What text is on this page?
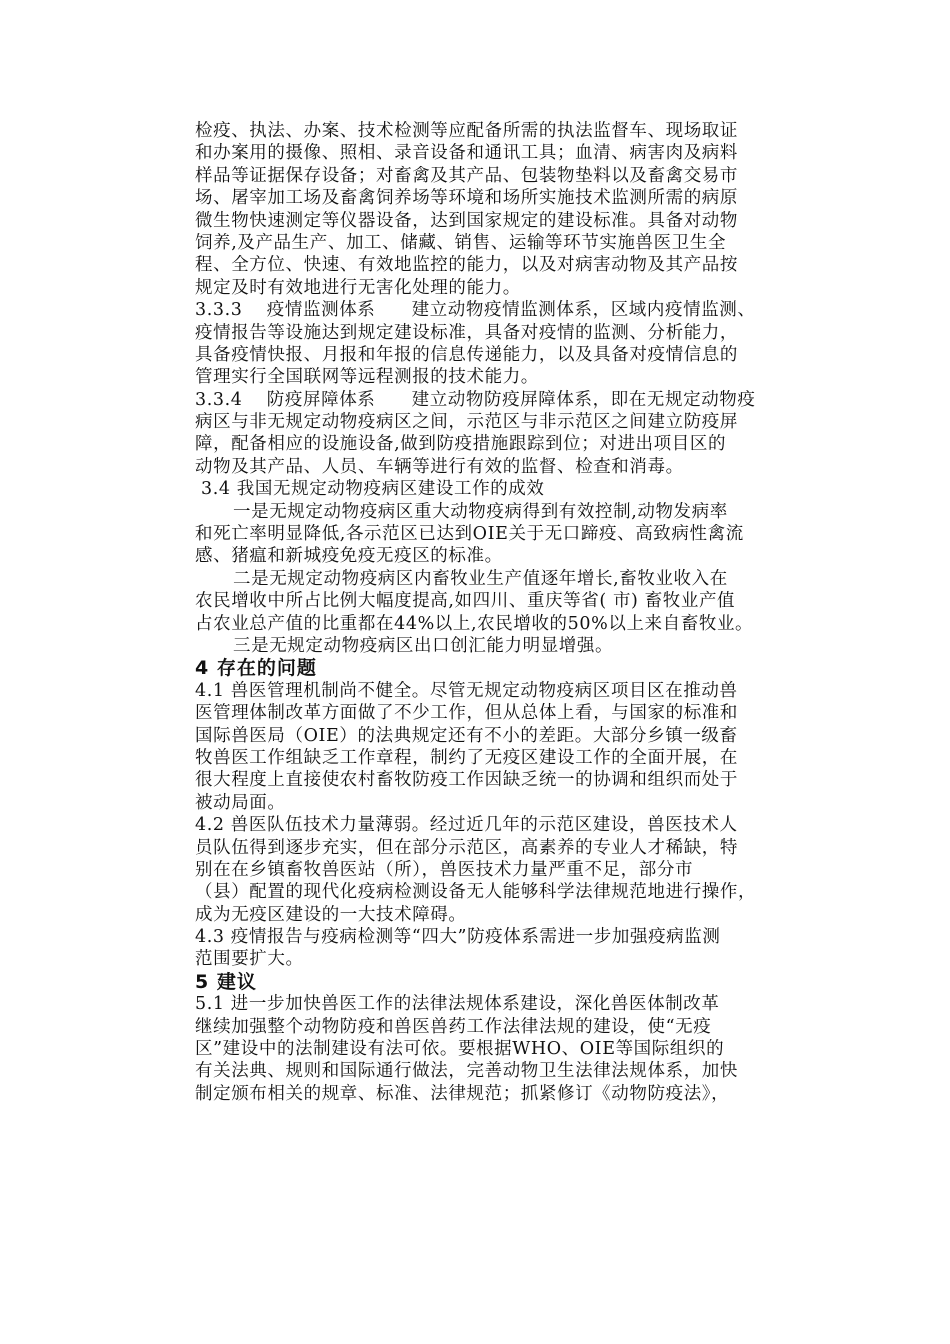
检疫、执法、办案、技术检测等应配备所需的执法监督车、现场取证
和办案用的摄像、照相、录音设备和通讯工具；血清、病害肉及病料
样品等证据保存设备；对畜禽及其产品、包装物垫料以及畜禽交易市
场、屠宰加工场及畜禽饲养场等环境和场所实施技术监测所需的病原
微生物快速测定等仪器设备，达到国家规定的建设标准。具备对动物
饲养,及产品生产、加工、储藏、销售、运输等环节实施兽医卫生全
程、全方位、快速、有效地监控的能力，以及对病害动物及其产品按
规定及时有效地进行无害化处理的能力。
3.3.3　 疫情监测体系　　建立动物疫情监测体系，区域内疫情监测、
疫情报告等设施达到规定建设标准，具备对疫情的监测、分析能力，
具备疫情快报、月报和年报的信息传递能力，以及具备对疫情信息的
管理实行全国联网等远程测报的技术能力。
3.3.4　 防疫屏障体系　　建立动物防疫屏障体系，即在无规定动物疫
病区与非无规定动物疫病区之间，示范区与非示范区之间建立防疫屏
障，配备相应的设施设备,做到防疫措施跟踪到位；对进出项目区的
动物及其产品、人员、车辆等进行有效的监督、检查和消毒。
3.4 我国无规定动物疫病区建设工作的成效
一是无规定动物疫病区重大动物疫病得到有效控制,动物发病率
和死亡率明显降低,各示范区已达到OIE关于无口蹄疫、高致病性禽流
感、猪瘟和新城疫免疫无疫区的标准。
二是无规定动物疫病区内畜牧业生产值逐年增长,畜牧业收入在
农民增收中所占比例大幅度提高,如四川、重庆等省( 市) 畜牧业产值
占农业总产值的比重都在44%以上,农民增收的50%以上来自畜牧业。
三是无规定动物疫病区出口创汇能力明显增强。
4 存在的问题
4.1 兽医管理机制尚不健全。尽管无规定动物疫病区项目区在推动兽
医管理体制改革方面做了不少工作，但从总体上看，与国家的标准和
国际兽医局（OIE）的法典规定还有不小的差距。大部分乡镇一级畜
牧兽医工作组缺乏工作章程，制约了无疫区建设工作的全面开展，在
很大程度上直接使农村畜牧防疫工作因缺乏统一的协调和组织而处于
被动局面。
4.2 兽医队伍技术力量薄弱。经过近几年的示范区建设，兽医技术人
员队伍得到逐步充实，但在部分示范区，高素养的专业人才稀缺，特
别在在乡镇畜牧兽医站（所），兽医技术力量严重不足，部分市
（县）配置的现代化疫病检测设备无人能够科学法律规范地进行操作，
成为无疫区建设的一大技术障碍。
4.3 疫情报告与疫病检测等“四大”防疫体系需进一步加强疫病监测
范围要扩大。
5 建议
5.1 进一步加快兽医工作的法律法规体系建设，深化兽医体制改革
继续加强整个动物防疫和兽医兽药工作法律法规的建设，使“无疫
区”建设中的法制建设有法可依。要根据WHO、OIE等国际组织的
有关法典、规则和国际通行做法，完善动物卫生法律法规体系，加快
制定颁布相关的规章、标准、法律规范；抓紧修订《动物防疫法》，
